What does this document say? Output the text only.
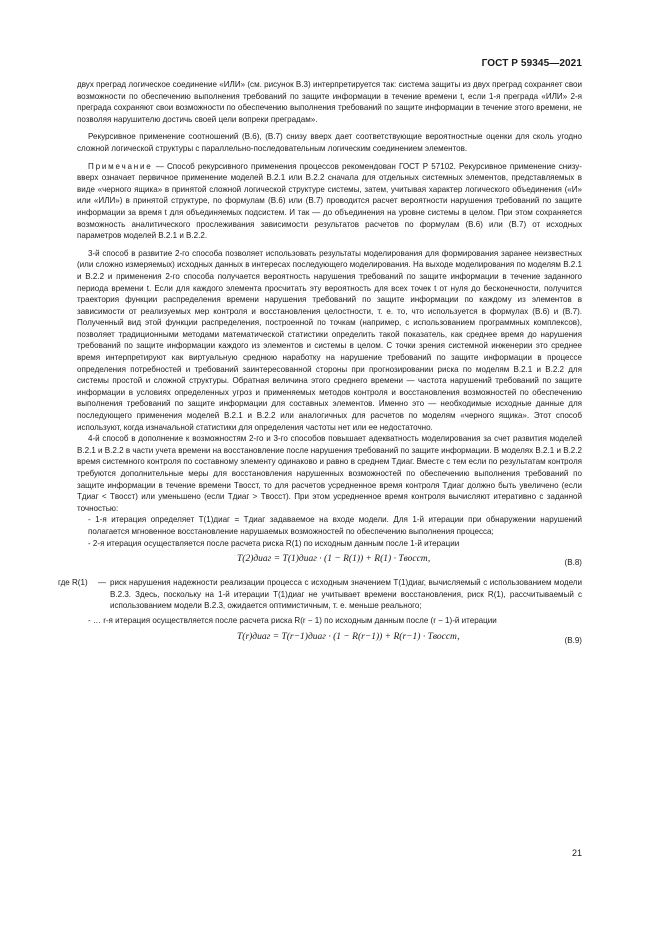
ГОСТ Р 59345—2021

двух преград логическое соединение «ИЛИ» (см. рисунок В.3) интерпретируется так: система защиты из двух преград сохраняет свои возможности по обеспечению выполнения требований по защите информации в течение времени t, если 1-я преграда «ИЛИ» 2-я преграда сохраняют свои возможности по обеспечению выполнения требований по защите информации в течение этого времени, не позволяя нарушителю достичь своей цели вопреки преградам».

Рекурсивное применение соотношений (В.6), (В.7) снизу вверх дает соответствующие вероятностные оценки для сколь угодно сложной логической структуры с параллельно-последовательным логическим соединением элементов.

Примечание — Способ рекурсивного применения процессов рекомендован ГОСТ Р 57102. Рекурсивное применение снизу-вверх означает первичное применение моделей В.2.1 или В.2.2 сначала для отдельных системных элементов, представляемых в виде «черного ящика» в принятой сложной логической структуре системы, затем, учитывая характер логического объединения («И» или «ИЛИ») в принятой структуре, по формулам (В.6) или (В.7) проводится расчет вероятности нарушения требований по защите информации за время t для объединяемых подсистем. И так — до объединения на уровне системы в целом. При этом сохраняется возможность аналитического прослеживания зависимости результатов расчетов по формулам (В.6) или (В.7) от исходных параметров моделей В.2.1 и В.2.2.

3-й способ в развитие 2-го способа позволяет использовать результаты моделирования для формирования заранее неизвестных (или сложно измеряемых) исходных данных в интересах последующего моделирования. На выходе моделирования по моделям В.2.1 и В.2.2 и применения 2-го способа получается вероятность нарушения требований по защите информации в течение заданного периода времени t. Если для каждого элемента просчитать эту вероятность для всех точек t от нуля до бесконечности, получится траектория функции распределения времени нарушения требований по защите информации по каждому из элементов в зависимости от реализуемых мер контроля и восстановления целостности, т. е. то, что используется в формулах (В.6) и (В.7). Полученный вид этой функции распределения, построенной по точкам (например, с использованием программных комплексов), позволяет традиционными методами математической статистики определить такой показатель, как среднее время до нарушения требований по защите информации каждого из элементов и системы в целом. С точки зрения системной инженерии это среднее время интерпретируют как виртуальную среднюю наработку на нарушение требований по защите информации в процессе определения потребностей и требований заинтересованной стороны при прогнозировании риска по моделям В.2.1 и В.2.2 для системы простой и сложной структуры. Обратная величина этого среднего времени — частота нарушений требований по защите информации в условиях определенных угроз и применяемых методов контроля и восстановления возможностей по обеспечению выполнения требований по защите информации для составных элементов. Именно это — необходимые исходные данные для последующего применения моделей В.2.1 и В.2.2 или аналогичных для расчетов по моделям «черного ящика». Этот способ используют, когда изначальной статистики для определения частоты нет или ее недостаточно.

4-й способ в дополнение к возможностям 2-го и 3-го способов повышает адекватность моделирования за счет развития моделей В.2.1 и В.2.2 в части учета времени на восстановление после нарушения требований по защите информации. В моделях В.2.1 и В.2.2 время системного контроля по составному элементу одинаково и равно в среднем Tдиаг. Вместе с тем если по результатам контроля требуются дополнительные меры для восстановления нарушенных возможностей по обеспечению выполнения требований по защите информации в течение времени Tвосст, то для расчетов усредненное время контроля Tдиаг должно быть увеличено (если Tдиаг < Tвосст) или уменьшено (если Tдиаг > Tвосст). При этом усредненное время контроля вычисляют итеративно с заданной точностью:

- 1-я итерация определяет T(1)диаг = Tдиаг задаваемое на входе модели. Для 1-й итерации при обнаружении нарушений полагается мгновенное восстановление нарушаемых возможностей по обеспечению выполнения процесса;

- 2-я итерация осуществляется после расчета риска R(1) по исходным данным после 1-й итерации

T(2)диаг = T(1)диаг · (1 − R(1)) + R(1) · Tвосст,	(В.8)
где R(1)	— риск нарушения надежности реализации процесса с исходным значением T(1)диаг, вычисляемый с использованием модели В.2.3. Здесь, поскольку на 1-й итерации T(1)диаг не учитывает времени восстановления, риск R(1), рассчитываемый с использованием модели В.2.3, ожидается оптимистичным, т. е. меньше реального;

- … r-я итерация осуществляется после расчета риска R(r − 1) по исходным данным после (r − 1)-й итерации

T(r)диаг = T(r−1)диаг · (1 − R(r−1)) + R(r−1) · Tвосст,	(В.9)
21
